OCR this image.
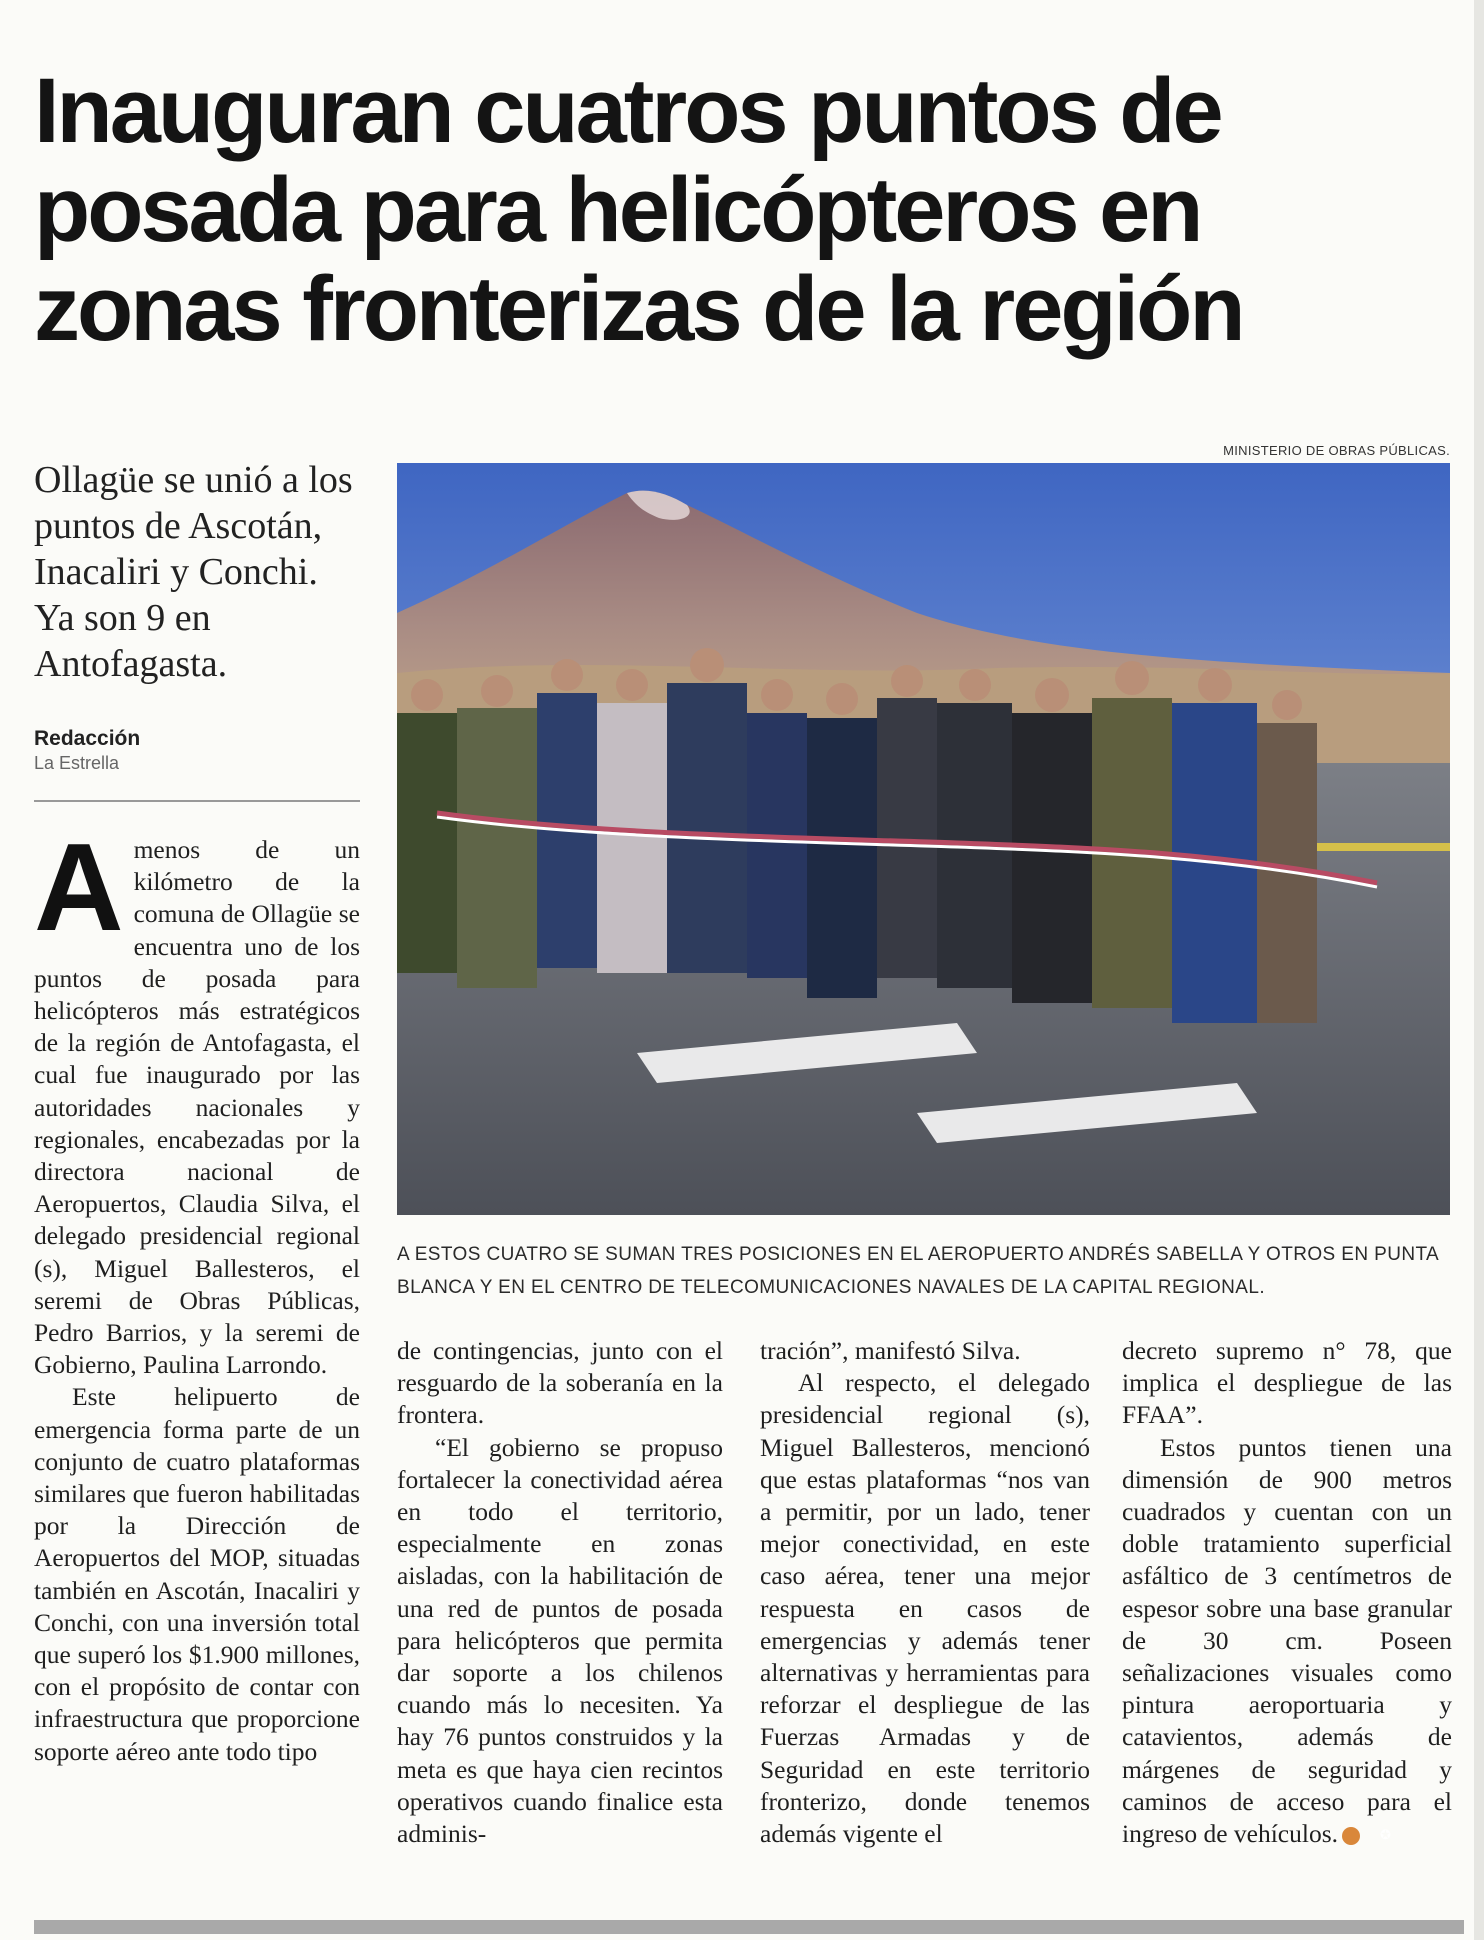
Inauguran cuatros puntos de posada para helicópteros en zonas fronterizas de la región

MINISTERIO DE OBRAS PÚBLICAS.

A ESTOS CUATRO SE SUMAN TRES POSICIONES EN EL AEROPUERTO ANDRÉS SABELLA Y OTROS EN PUNTA BLANCA Y EN EL CENTRO DE TELECOMUNICACIONES NAVALES DE LA CAPITAL REGIONAL.

Ollagüe se unió a los puntos de Ascotán, Inacaliri y Conchi. Ya son 9 en Antofagasta.

Redacción
La Estrella

Amenos de un kilómetro de la comuna de Ollagüe se encuentra uno de los puntos de posada para helicópteros más estratégicos de la región de Antofagasta, el cual fue inaugurado por las autoridades nacionales y regionales, encabezadas por la directora nacional de Aeropuertos, Claudia Silva, el delegado presidencial regional (s), Miguel Ballesteros, el seremi de Obras Públicas, Pedro Barrios, y la seremi de Gobierno, Paulina Larrondo.

Este helipuerto de emergencia forma parte de un conjunto de cuatro plataformas similares que fueron habilitadas por la Dirección de Aeropuertos del MOP, situadas también en Ascotán, Inacaliri y Conchi, con una inversión total que superó los $1.900 millones, con el propósito de contar con infraestructura que proporcione soporte aéreo ante todo tipo

de contingencias, junto con el resguardo de la soberanía en la frontera.

“El gobierno se propuso fortalecer la conectividad aérea en todo el territorio, especialmente en zonas aisladas, con la habilitación de una red de puntos de posada para helicópteros que permita dar soporte a los chilenos cuando más lo necesiten. Ya hay 76 puntos construidos y la meta es que haya cien recintos operativos cuando finalice esta adminis-

tración”, manifestó Silva.

Al respecto, el delegado presidencial regional (s), Miguel Ballesteros, mencionó que estas plataformas “nos van a permitir, por un lado, tener mejor conectividad, en este caso aérea, tener una mejor respuesta en casos de emergencias y además tener alternativas y herramientas para reforzar el despliegue de las Fuerzas Armadas y de Seguridad en este territorio fronterizo, donde tenemos además vigente el

decreto supremo n° 78, que implica el despliegue de las FFAA”.

Estos puntos tienen una dimensión de 900 metros cuadrados y cuentan con un doble tratamiento superficial asfáltico de 3 centímetros de espesor sobre una base granular de 30 cm. Poseen señalizaciones visuales como pintura aeroportuaria y catavientos, además de márgenes de seguridad y caminos de acceso para el ingreso de vehículos.	✪
